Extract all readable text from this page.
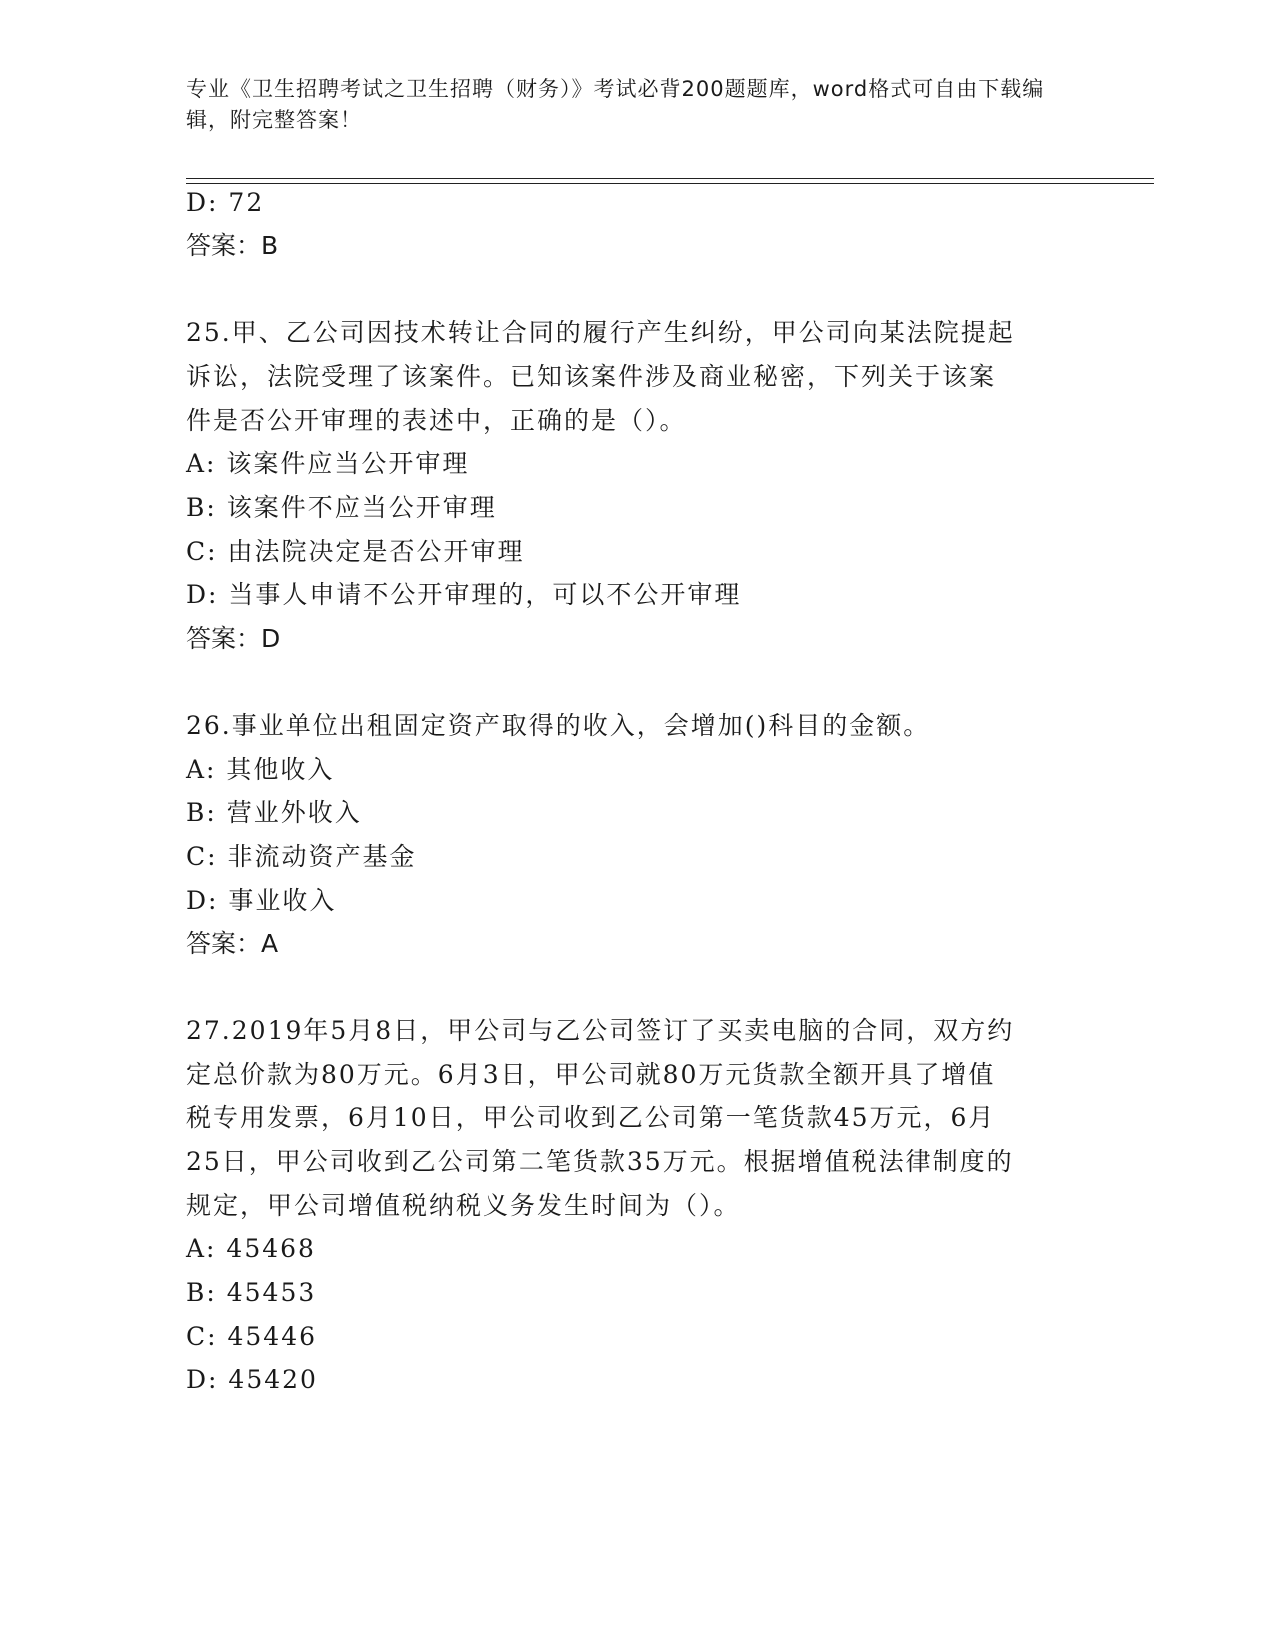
专业《卫生招聘考试之卫生招聘（财务）》考试必背200题题库，word格式可自由下载编辑，附完整答案！
D: 72
答案：B
25.甲、乙公司因技术转让合同的履行产生纠纷，甲公司向某法院提起
诉讼，法院受理了该案件。已知该案件涉及商业秘密，下列关于该案
件是否公开审理的表述中，正确的是（）。
A: 该案件应当公开审理
B: 该案件不应当公开审理
C: 由法院决定是否公开审理
D: 当事人申请不公开审理的，可以不公开审理
答案：D
26.事业单位出租固定资产取得的收入，会增加()科目的金额。
A: 其他收入
B: 营业外收入
C: 非流动资产基金
D: 事业收入
答案：A
27.2019年5月8日，甲公司与乙公司签订了买卖电脑的合同，双方约
定总价款为80万元。6月3日，甲公司就80万元货款全额开具了增值
税专用发票，6月10日，甲公司收到乙公司第一笔货款45万元，6月
25日，甲公司收到乙公司第二笔货款35万元。根据增值税法律制度的
规定，甲公司增值税纳税义务发生时间为（）。
A: 45468
B: 45453
C: 45446
D: 45420
